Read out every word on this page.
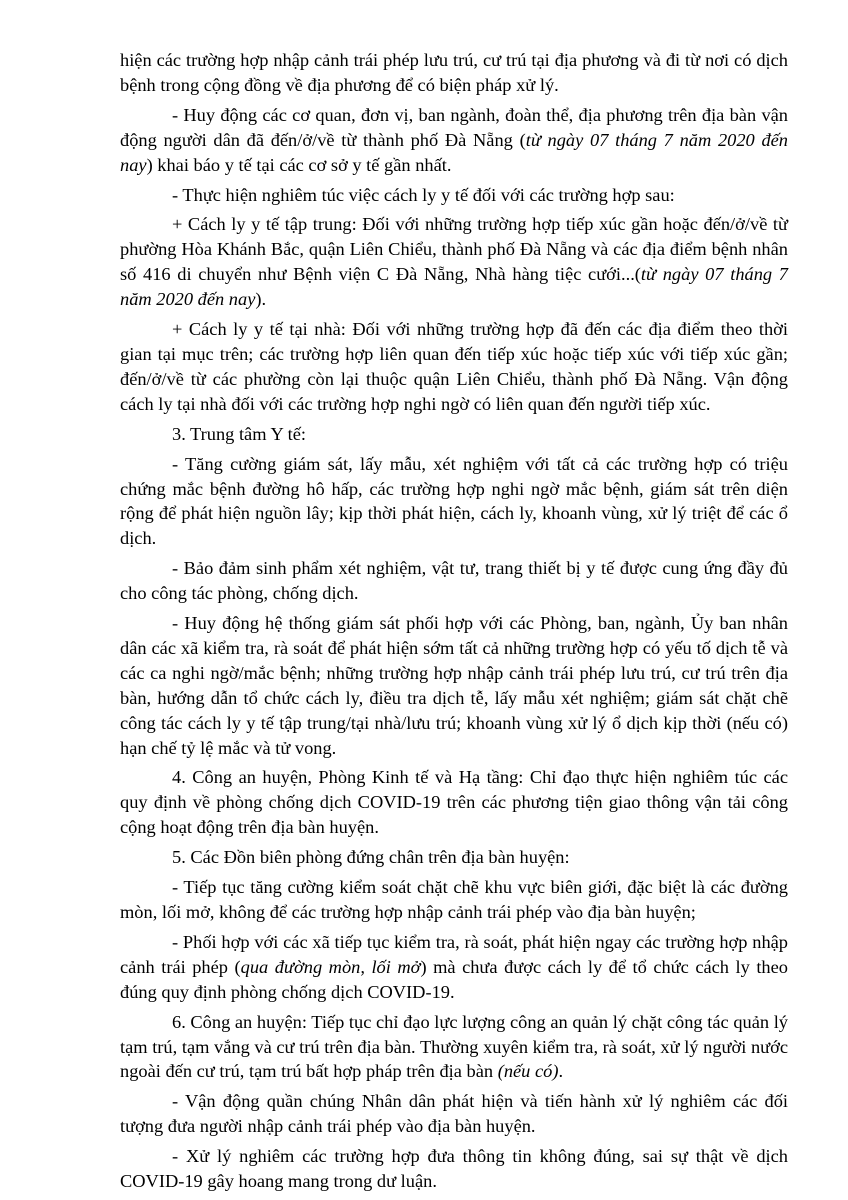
hiện các trường hợp nhập cảnh trái phép lưu trú, cư trú tại địa phương và đi từ nơi có dịch bệnh trong cộng đồng về địa phương để có biện pháp xử lý.

- Huy động các cơ quan, đơn vị, ban ngành, đoàn thể, địa phương trên địa bàn vận động người dân đã đến/ở/về từ thành phố Đà Nẵng (từ ngày 07 tháng 7 năm 2020 đến nay) khai báo y tế tại các cơ sở y tế gần nhất.

- Thực hiện nghiêm túc việc cách ly y tế đối với các trường hợp sau:

+ Cách ly y tế tập trung: Đối với những trường hợp tiếp xúc gần hoặc đến/ở/về từ phường Hòa Khánh Bắc, quận Liên Chiểu, thành phố Đà Nẵng và các địa điểm bệnh nhân số 416 di chuyển như Bệnh viện C Đà Nẵng, Nhà hàng tiệc cưới...(từ ngày 07 tháng 7 năm 2020 đến nay).

+ Cách ly y tế tại nhà: Đối với những trường hợp đã đến các địa điểm theo thời gian tại mục trên; các trường hợp liên quan đến tiếp xúc hoặc tiếp xúc với tiếp xúc gần; đến/ở/về từ các phường còn lại thuộc quận Liên Chiểu, thành phố Đà Nẵng. Vận động cách ly tại nhà đối với các trường hợp nghi ngờ có liên quan đến người tiếp xúc.

3. Trung tâm Y tế:

- Tăng cường giám sát, lấy mẫu, xét nghiệm với tất cả các trường hợp có triệu chứng mắc bệnh đường hô hấp, các trường hợp nghi ngờ mắc bệnh, giám sát trên diện rộng để phát hiện nguồn lây; kịp thời phát hiện, cách ly, khoanh vùng, xử lý triệt để các ổ dịch.

- Bảo đảm sinh phẩm xét nghiệm, vật tư, trang thiết bị y tế được cung ứng đầy đủ cho công tác phòng, chống dịch.

- Huy động hệ thống giám sát phối hợp với các Phòng, ban, ngành, Ủy ban nhân dân các xã kiểm tra, rà soát để phát hiện sớm tất cả những trường hợp có yếu tố dịch tễ và các ca nghi ngờ/mắc bệnh; những trường hợp nhập cảnh trái phép lưu trú, cư trú trên địa bàn, hướng dẫn tổ chức cách ly, điều tra dịch tễ, lấy mẫu xét nghiệm; giám sát chặt chẽ công tác cách ly y tế tập trung/tại nhà/lưu trú; khoanh vùng xử lý ổ dịch kịp thời (nếu có) hạn chế tỷ lệ mắc và tử vong.

4. Công an huyện, Phòng Kinh tế và Hạ tầng: Chỉ đạo thực hiện nghiêm túc các quy định về phòng chống dịch COVID-19 trên các phương tiện giao thông vận tải công cộng hoạt động trên địa bàn huyện.

5. Các Đồn biên phòng đứng chân trên địa bàn huyện:

- Tiếp tục tăng cường kiểm soát chặt chẽ khu vực biên giới, đặc biệt là các đường mòn, lối mở, không để các trường hợp nhập cảnh trái phép vào địa bàn huyện;

- Phối hợp với các xã tiếp tục kiểm tra, rà soát, phát hiện ngay các trường hợp nhập cảnh trái phép (qua đường mòn, lối mở) mà chưa được cách ly để tổ chức cách ly theo đúng quy định phòng chống dịch COVID-19.

6. Công an huyện: Tiếp tục chỉ đạo lực lượng công an quản lý chặt công tác quản lý tạm trú, tạm vắng và cư trú trên địa bàn. Thường xuyên kiểm tra, rà soát, xử lý người nước ngoài đến cư trú, tạm trú bất hợp pháp trên địa bàn (nếu có).

- Vận động quần chúng Nhân dân phát hiện và tiến hành xử lý nghiêm các đối tượng đưa người nhập cảnh trái phép vào địa bàn huyện.

- Xử lý nghiêm các trường hợp đưa thông tin không đúng, sai sự thật về dịch COVID-19 gây hoang mang trong dư luận.
